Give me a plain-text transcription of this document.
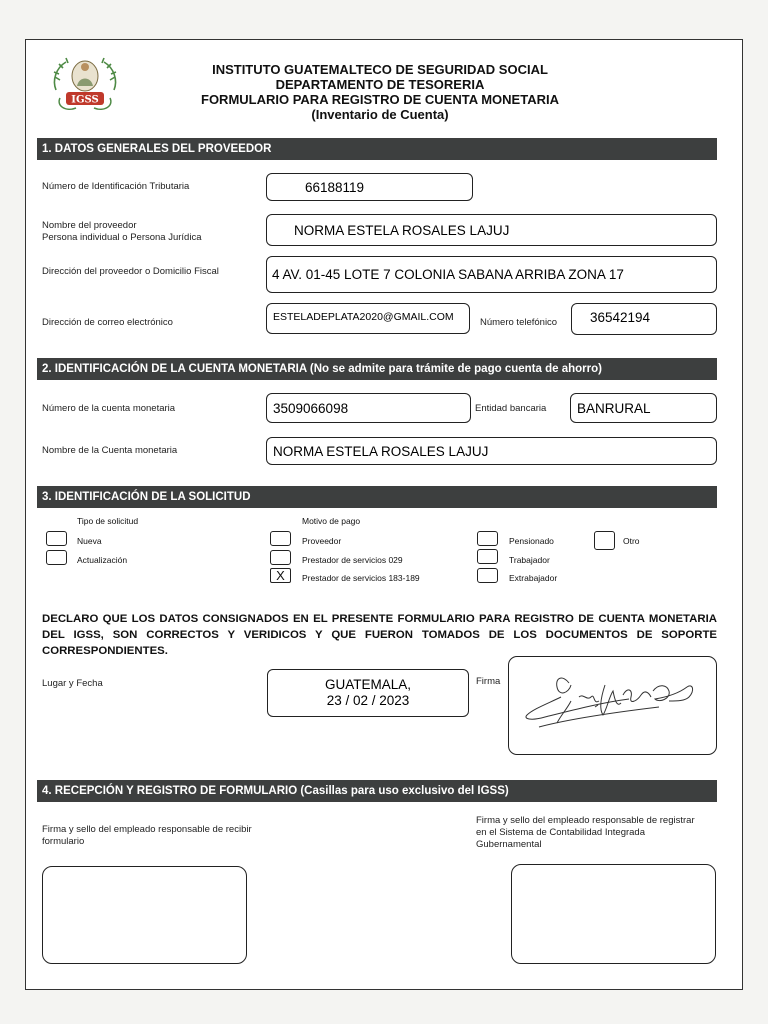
IGSS
INSTITUTO GUATEMALTECO DE SEGURIDAD SOCIAL
DEPARTAMENTO DE TESORERIA
FORMULARIO PARA REGISTRO DE CUENTA MONETARIA
(Inventario de Cuenta)
1. DATOS GENERALES DEL PROVEEDOR
Número de Identificación Tributaria	66188119
Nombre del proveedor
Persona individual o Persona Jurídica	NORMA ESTELA ROSALES LAJUJ
Dirección del proveedor o Domicilio Fiscal	4 AV. 01-45 LOTE 7 COLONIA SABANA ARRIBA ZONA 17
Dirección de correo electrónico	ESTELADEPLATA2020@GMAIL.COM	Número telefónico	36542194
2. IDENTIFICACIÓN DE LA CUENTA MONETARIA (No se admite para trámite de pago cuenta de ahorro)
Número de la cuenta monetaria	3509066098	Entidad bancaria	BANRURAL
Nombre de la Cuenta monetaria	NORMA ESTELA ROSALES LAJUJ
3. IDENTIFICACIÓN DE LA SOLICITUD
Tipo de solicitud
Nueva
Actualización
Motivo de pago
Proveedor
Prestador de servicios 029
X	Prestador de servicios 183-189
Pensionado
Trabajador
Extrabajador
Otro
DECLARO QUE LOS DATOS CONSIGNADOS EN EL PRESENTE FORMULARIO PARA REGISTRO DE CUENTA MONETARIA DEL IGSS, SON CORRECTOS Y VERIDICOS Y QUE FUERON TOMADOS DE LOS DOCUMENTOS DE SOPORTE CORRESPONDIENTES.
Lugar y Fecha	GUATEMALA,
23 / 02 / 2023
Firma
4. RECEPCIÓN Y REGISTRO DE FORMULARIO (Casillas para uso exclusivo del IGSS)
Firma y sello del empleado responsable de recibir formulario
Firma y sello del empleado responsable de registrar en el Sistema de Contabilidad Integrada Gubernamental
